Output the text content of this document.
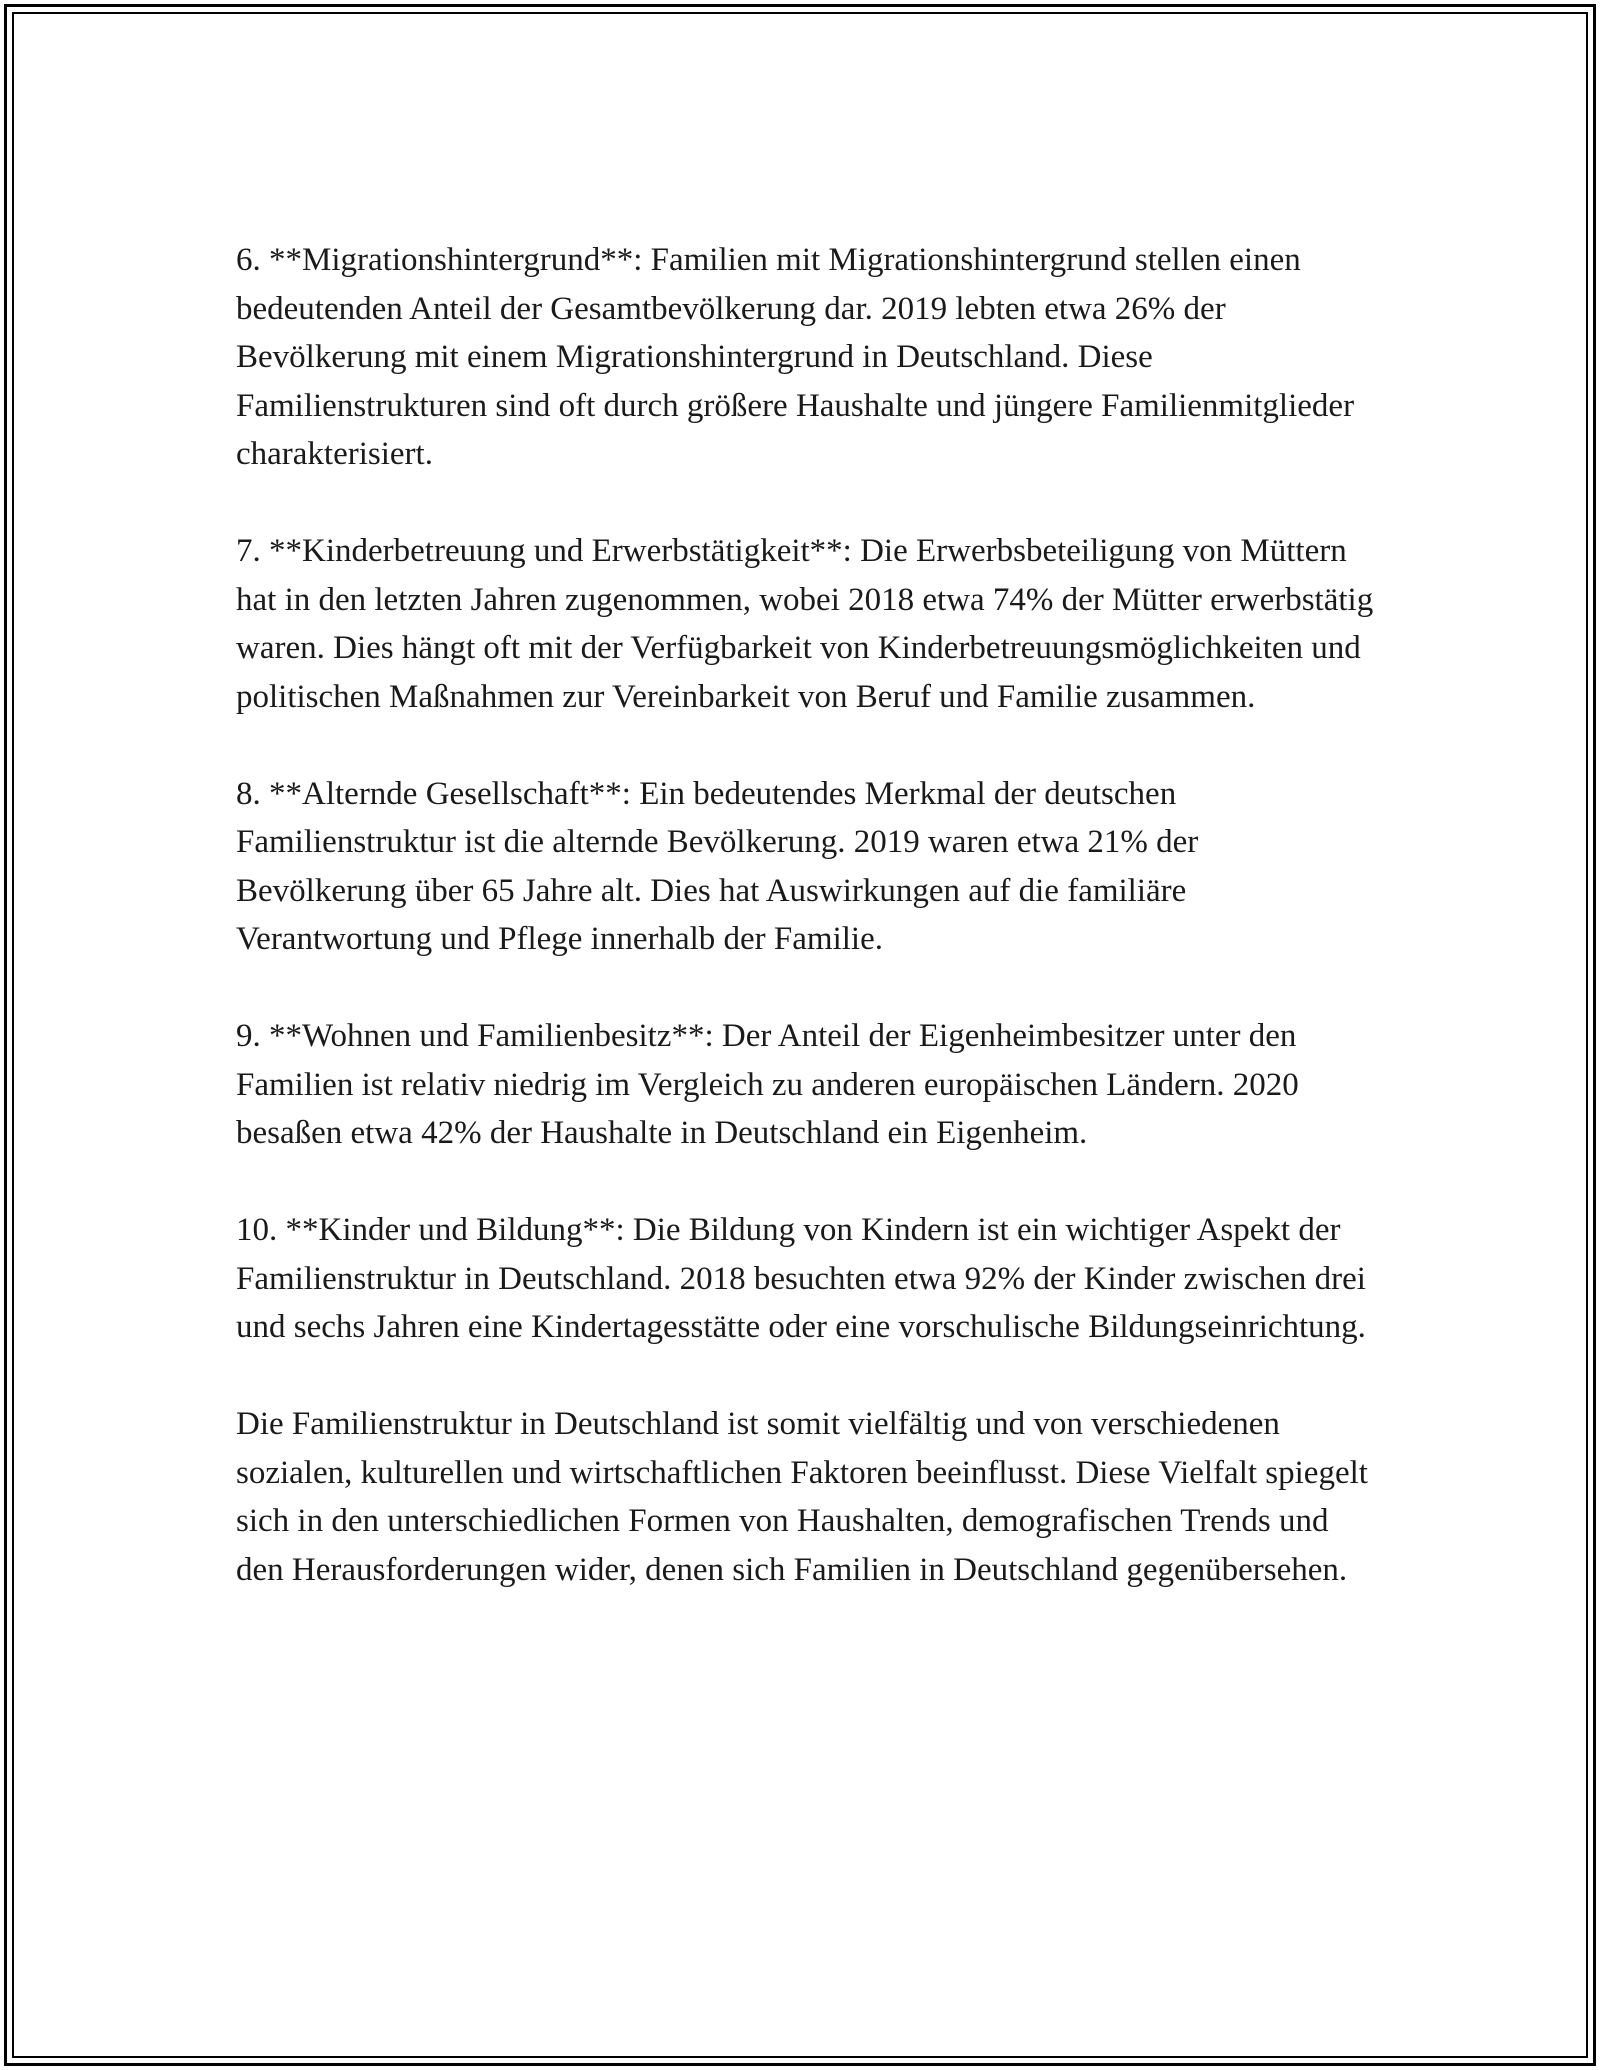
6. **Migrationshintergrund**: Familien mit Migrationshintergrund stellen einen bedeutenden Anteil der Gesamtbevölkerung dar. 2019 lebten etwa 26% der Bevölkerung mit einem Migrationshintergrund in Deutschland. Diese Familienstrukturen sind oft durch größere Haushalte und jüngere Familienmitglieder charakterisiert.

7. **Kinderbetreuung und Erwerbstätigkeit**: Die Erwerbsbeteiligung von Müttern hat in den letzten Jahren zugenommen, wobei 2018 etwa 74% der Mütter erwerbstätig waren. Dies hängt oft mit der Verfügbarkeit von Kinderbetreuungsmöglichkeiten und politischen Maßnahmen zur Vereinbarkeit von Beruf und Familie zusammen.

8. **Alternde Gesellschaft**: Ein bedeutendes Merkmal der deutschen Familienstruktur ist die alternde Bevölkerung. 2019 waren etwa 21% der Bevölkerung über 65 Jahre alt. Dies hat Auswirkungen auf die familiäre Verantwortung und Pflege innerhalb der Familie.

9. **Wohnen und Familienbesitz**: Der Anteil der Eigenheimbesitzer unter den Familien ist relativ niedrig im Vergleich zu anderen europäischen Ländern. 2020 besaßen etwa 42% der Haushalte in Deutschland ein Eigenheim.

10. **Kinder und Bildung**: Die Bildung von Kindern ist ein wichtiger Aspekt der Familienstruktur in Deutschland. 2018 besuchten etwa 92% der Kinder zwischen drei und sechs Jahren eine Kindertagesstätte oder eine vorschulische Bildungseinrichtung.

Die Familienstruktur in Deutschland ist somit vielfältig und von verschiedenen sozialen, kulturellen und wirtschaftlichen Faktoren beeinflusst. Diese Vielfalt spiegelt sich in den unterschiedlichen Formen von Haushalten, demografischen Trends und den Herausforderungen wider, denen sich Familien in Deutschland gegenübersehen.
